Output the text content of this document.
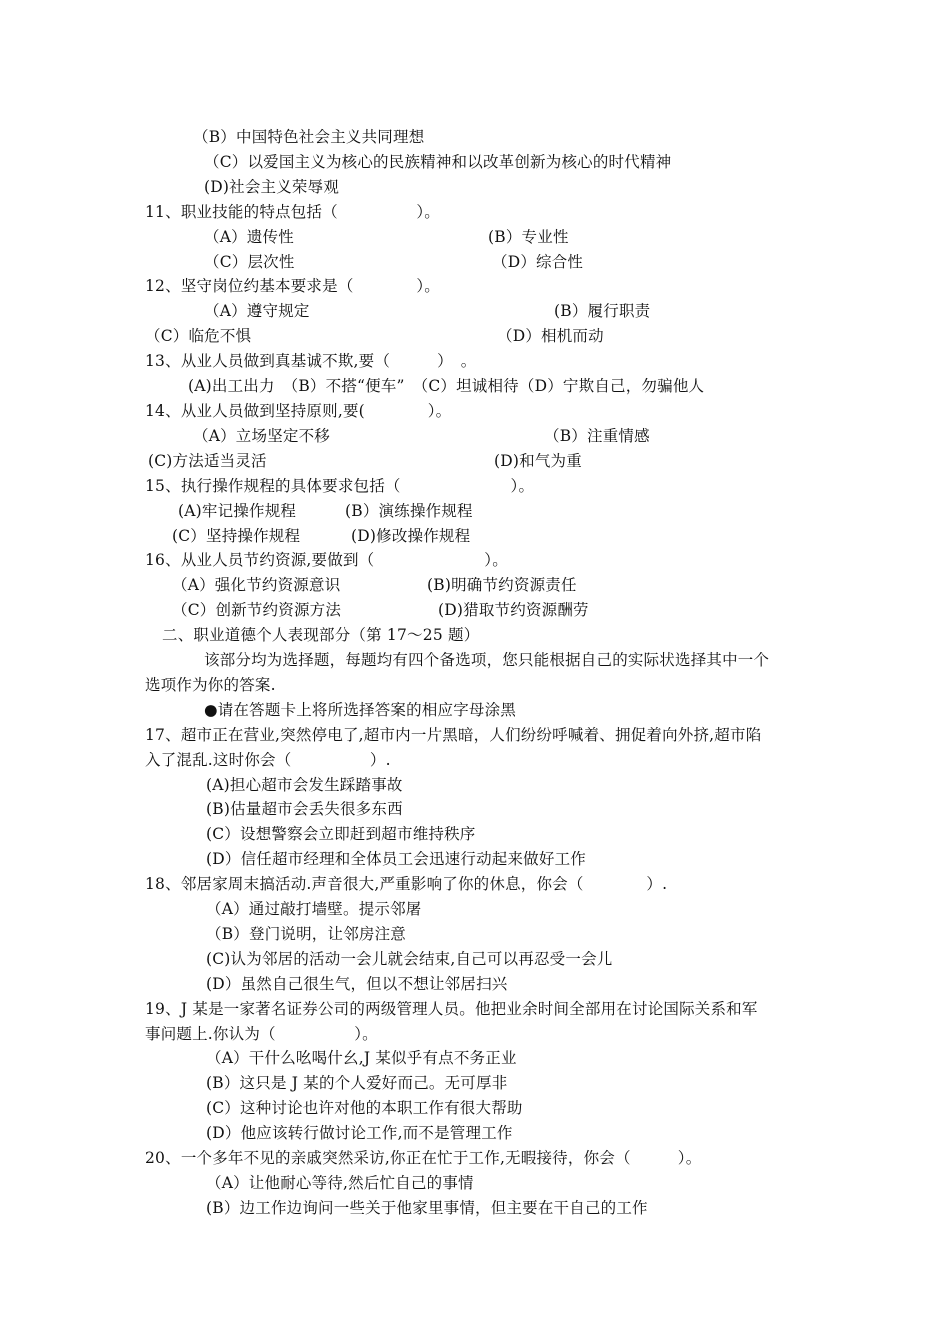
（B）中国特色社会主义共同理想
（C）以爱国主义为核心的民族精神和以改革创新为核心的时代精神
(D)社会主义荣辱观
11、职业技能的特点包括（　　　　　）。
（A）遗传性	(B）专业性
（C）层次性	（D）综合性
12、坚守岗位约基本要求是（　　　　）。
（A）遵守规定	(B）履行职责
（C）临危不惧	（D）相机而动
13、从业人员做到真基诚不欺,要（　　　）　。
(A)出工出力　（B）不搭“便车”　（C）坦诚相待（D）宁欺自己，勿骗他人
14、从业人员做到坚持原则,要(　　　　）。
（A）立场坚定不移	（B）注重情感
(C)方法适当灵活	(D)和气为重
15、执行操作规程的具体要求包括（　　　　　　　）。
(A)牢记操作规程	(B）演练操作规程
(C）坚持操作规程	(D)修改操作规程
16、从业人员节约资源,要做到（　　　　　　　）。
（A）强化节约资源意识	(B)明确节约资源责任
（C）创新节约资源方法	(D)猎取节约资源酬劳
二、职业道德个人表现部分（第 17～25 题）
该部分均为选择题，每题均有四个备选项，您只能根据自己的实际状选择其中一个
选项作为你的答案.
●请在答题卡上将所选择答案的相应字母涂黑
17、超市正在营业,突然停电了,超市内一片黑暗，人们纷纷呼喊着、拥促着向外挤,超市陷
入了混乱.这时你会（　　　　　）.
(A)担心超市会发生踩踏事故
(B)估量超市会丢失很多东西
(C）设想警察会立即赶到超市维持秩序
(D）信任超市经理和全体员工会迅速行动起来做好工作
18、邻居家周末搞活动.声音很大,严重影响了你的休息，你会（　　　　）.
（A）通过敲打墙壁。提示邻屠
（B）登门说明，让邻房注意
(C)认为邻居的活动一会儿就会结束,自己可以再忍受一会儿
(D）虽然自己很生气，但以不想让邻居扫兴
19、J 某是一家著名证券公司的两级管理人员。他把业余时间全部用在讨论国际关系和军
事问题上.你认为（　　　　　）。
（A）干什么吆喝什幺,J 某似乎有点不务正业
(B）这只是 J 某的个人爱好而己。无可厚非
(C）这种讨论也许对他的本职工作有很大帮助
(D）他应该转行做讨论工作,而不是管理工作
20、一个多年不见的亲戚突然采访,你正在忙于工作,无暇接待，你会（　　　）。
（A）让他耐心等待,然后忙自己的事情
(B）边工作边询问一些关于他家里事情，但主要在干自己的工作
